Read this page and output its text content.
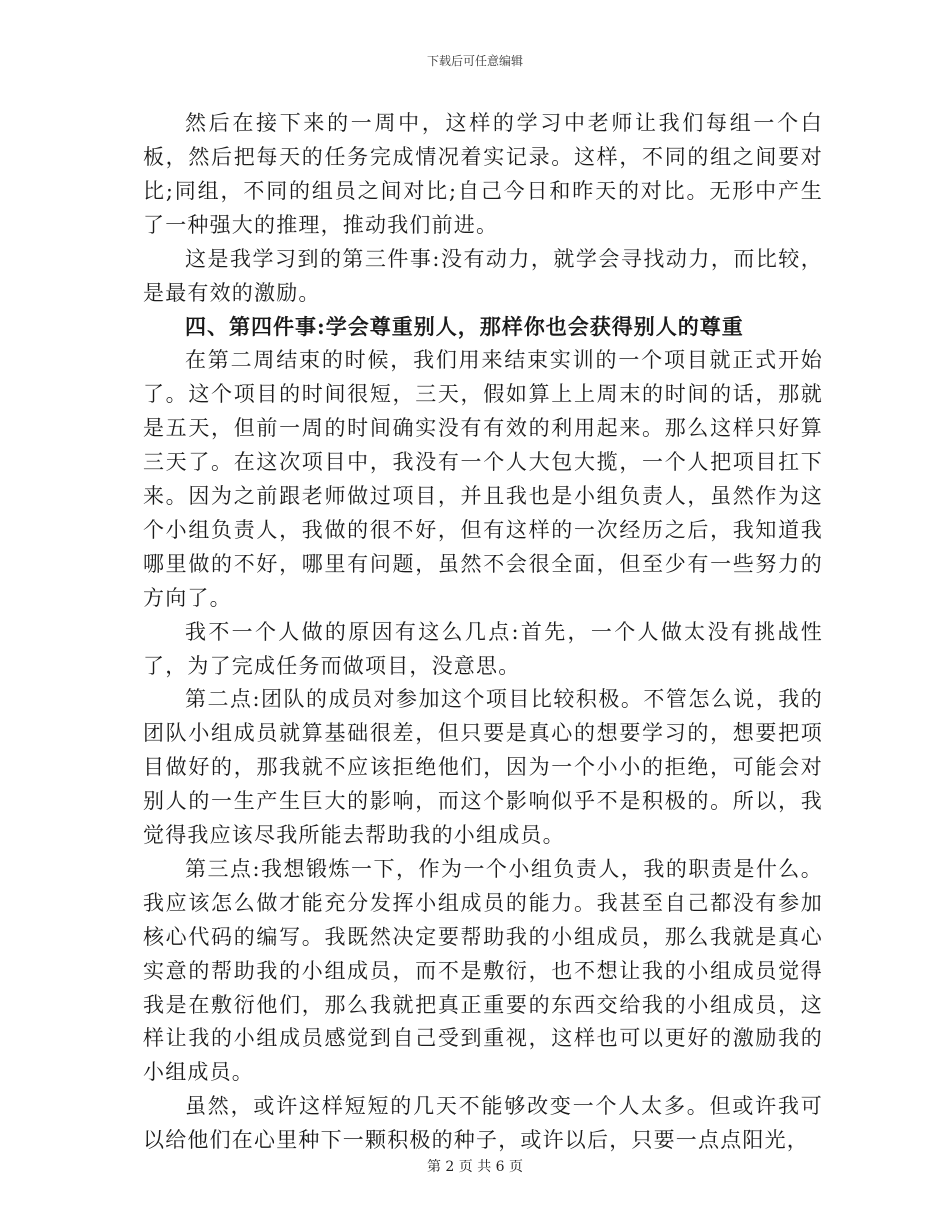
下载后可任意编辑

然后在接下来的一周中，这样的学习中老师让我们每组一个白板，然后把每天的任务完成情况着实记录。这样，不同的组之间要对比;同组，不同的组员之间对比;自己今日和昨天的对比。无形中产生了一种强大的推理，推动我们前进。

这是我学习到的第三件事:没有动力，就学会寻找动力，而比较，是最有效的激励。

四、第四件事:学会尊重别人，那样你也会获得别人的尊重

在第二周结束的时候，我们用来结束实训的一个项目就正式开始了。这个项目的时间很短，三天，假如算上上周末的时间的话，那就是五天，但前一周的时间确实没有有效的利用起来。那么这样只好算三天了。在这次项目中，我没有一个人大包大揽，一个人把项目扛下来。因为之前跟老师做过项目，并且我也是小组负责人，虽然作为这个小组负责人，我做的很不好，但有这样的一次经历之后，我知道我哪里做的不好，哪里有问题，虽然不会很全面，但至少有一些努力的方向了。

我不一个人做的原因有这么几点:首先，一个人做太没有挑战性了，为了完成任务而做项目，没意思。

第二点:团队的成员对参加这个项目比较积极。不管怎么说，我的团队小组成员就算基础很差，但只要是真心的想要学习的，想要把项目做好的，那我就不应该拒绝他们，因为一个小小的拒绝，可能会对别人的一生产生巨大的影响，而这个影响似乎不是积极的。所以，我觉得我应该尽我所能去帮助我的小组成员。

第三点:我想锻炼一下，作为一个小组负责人，我的职责是什么。我应该怎么做才能充分发挥小组成员的能力。我甚至自己都没有参加核心代码的编写。我既然决定要帮助我的小组成员，那么我就是真心实意的帮助我的小组成员，而不是敷衍，也不想让我的小组成员觉得我是在敷衍他们，那么我就把真正重要的东西交给我的小组成员，这样让我的小组成员感觉到自己受到重视，这样也可以更好的激励我的小组成员。

虽然，或许这样短短的几天不能够改变一个人太多。但或许我可以给他们在心里种下一颗积极的种子，或许以后，只要一点点阳光，

第 2 页 共 6 页
